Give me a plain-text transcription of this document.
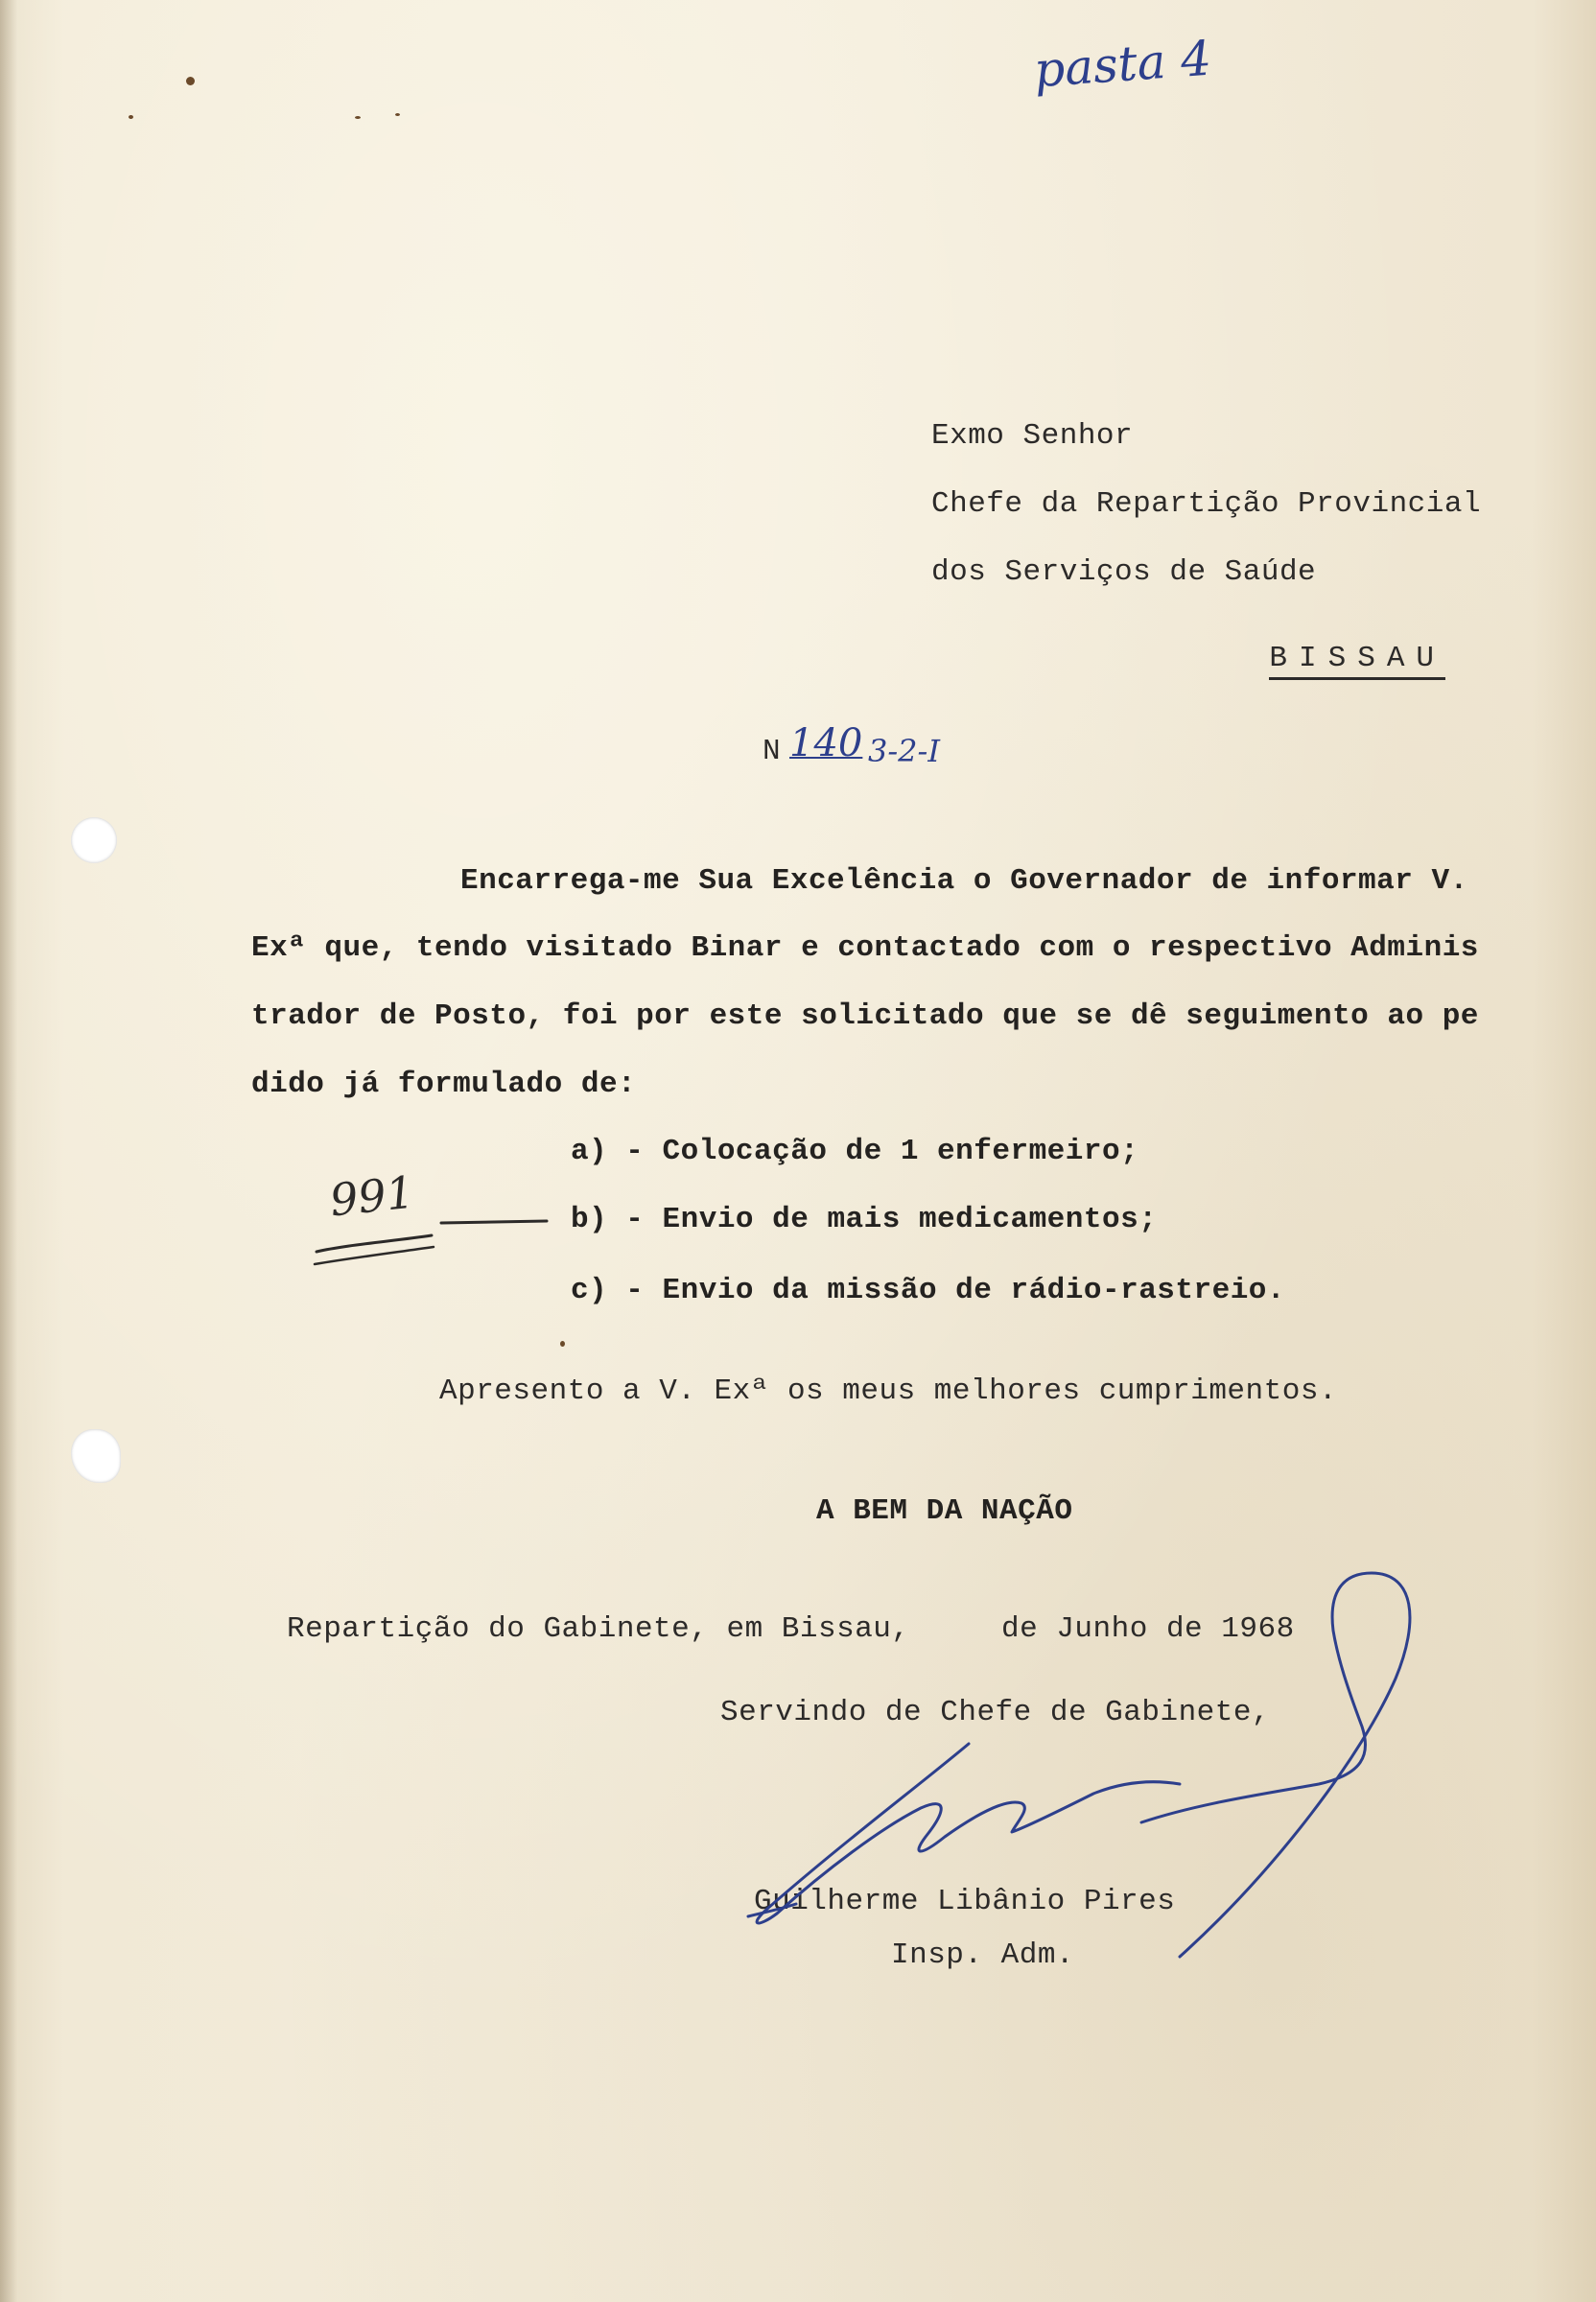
pasta 4
Exmo Senhor
Chefe da Repartição Provincial
dos Serviços de Saúde

BISSAU

N 140 3-2-I
Encarrega-me Sua Excelência o Governador de informar V.
Exª que, tendo visitado Binar e contactado com o respectivo Adminis
trador de Posto, foi por este solicitado que se dê seguimento ao pe
dido já formulado de:
a) - Colocação de 1 enfermeiro;
b) - Envio de mais medicamentos;
c) - Envio da missão de rádio-rastreio.
991
Apresento a V. Exª os meus melhores cumprimentos.
A BEM DA NAÇÃO
Repartição do Gabinete, em Bissau,     de Junho de 1968
Servindo de Chefe de Gabinete,
Guilherme Libânio Pires
Insp. Adm.
